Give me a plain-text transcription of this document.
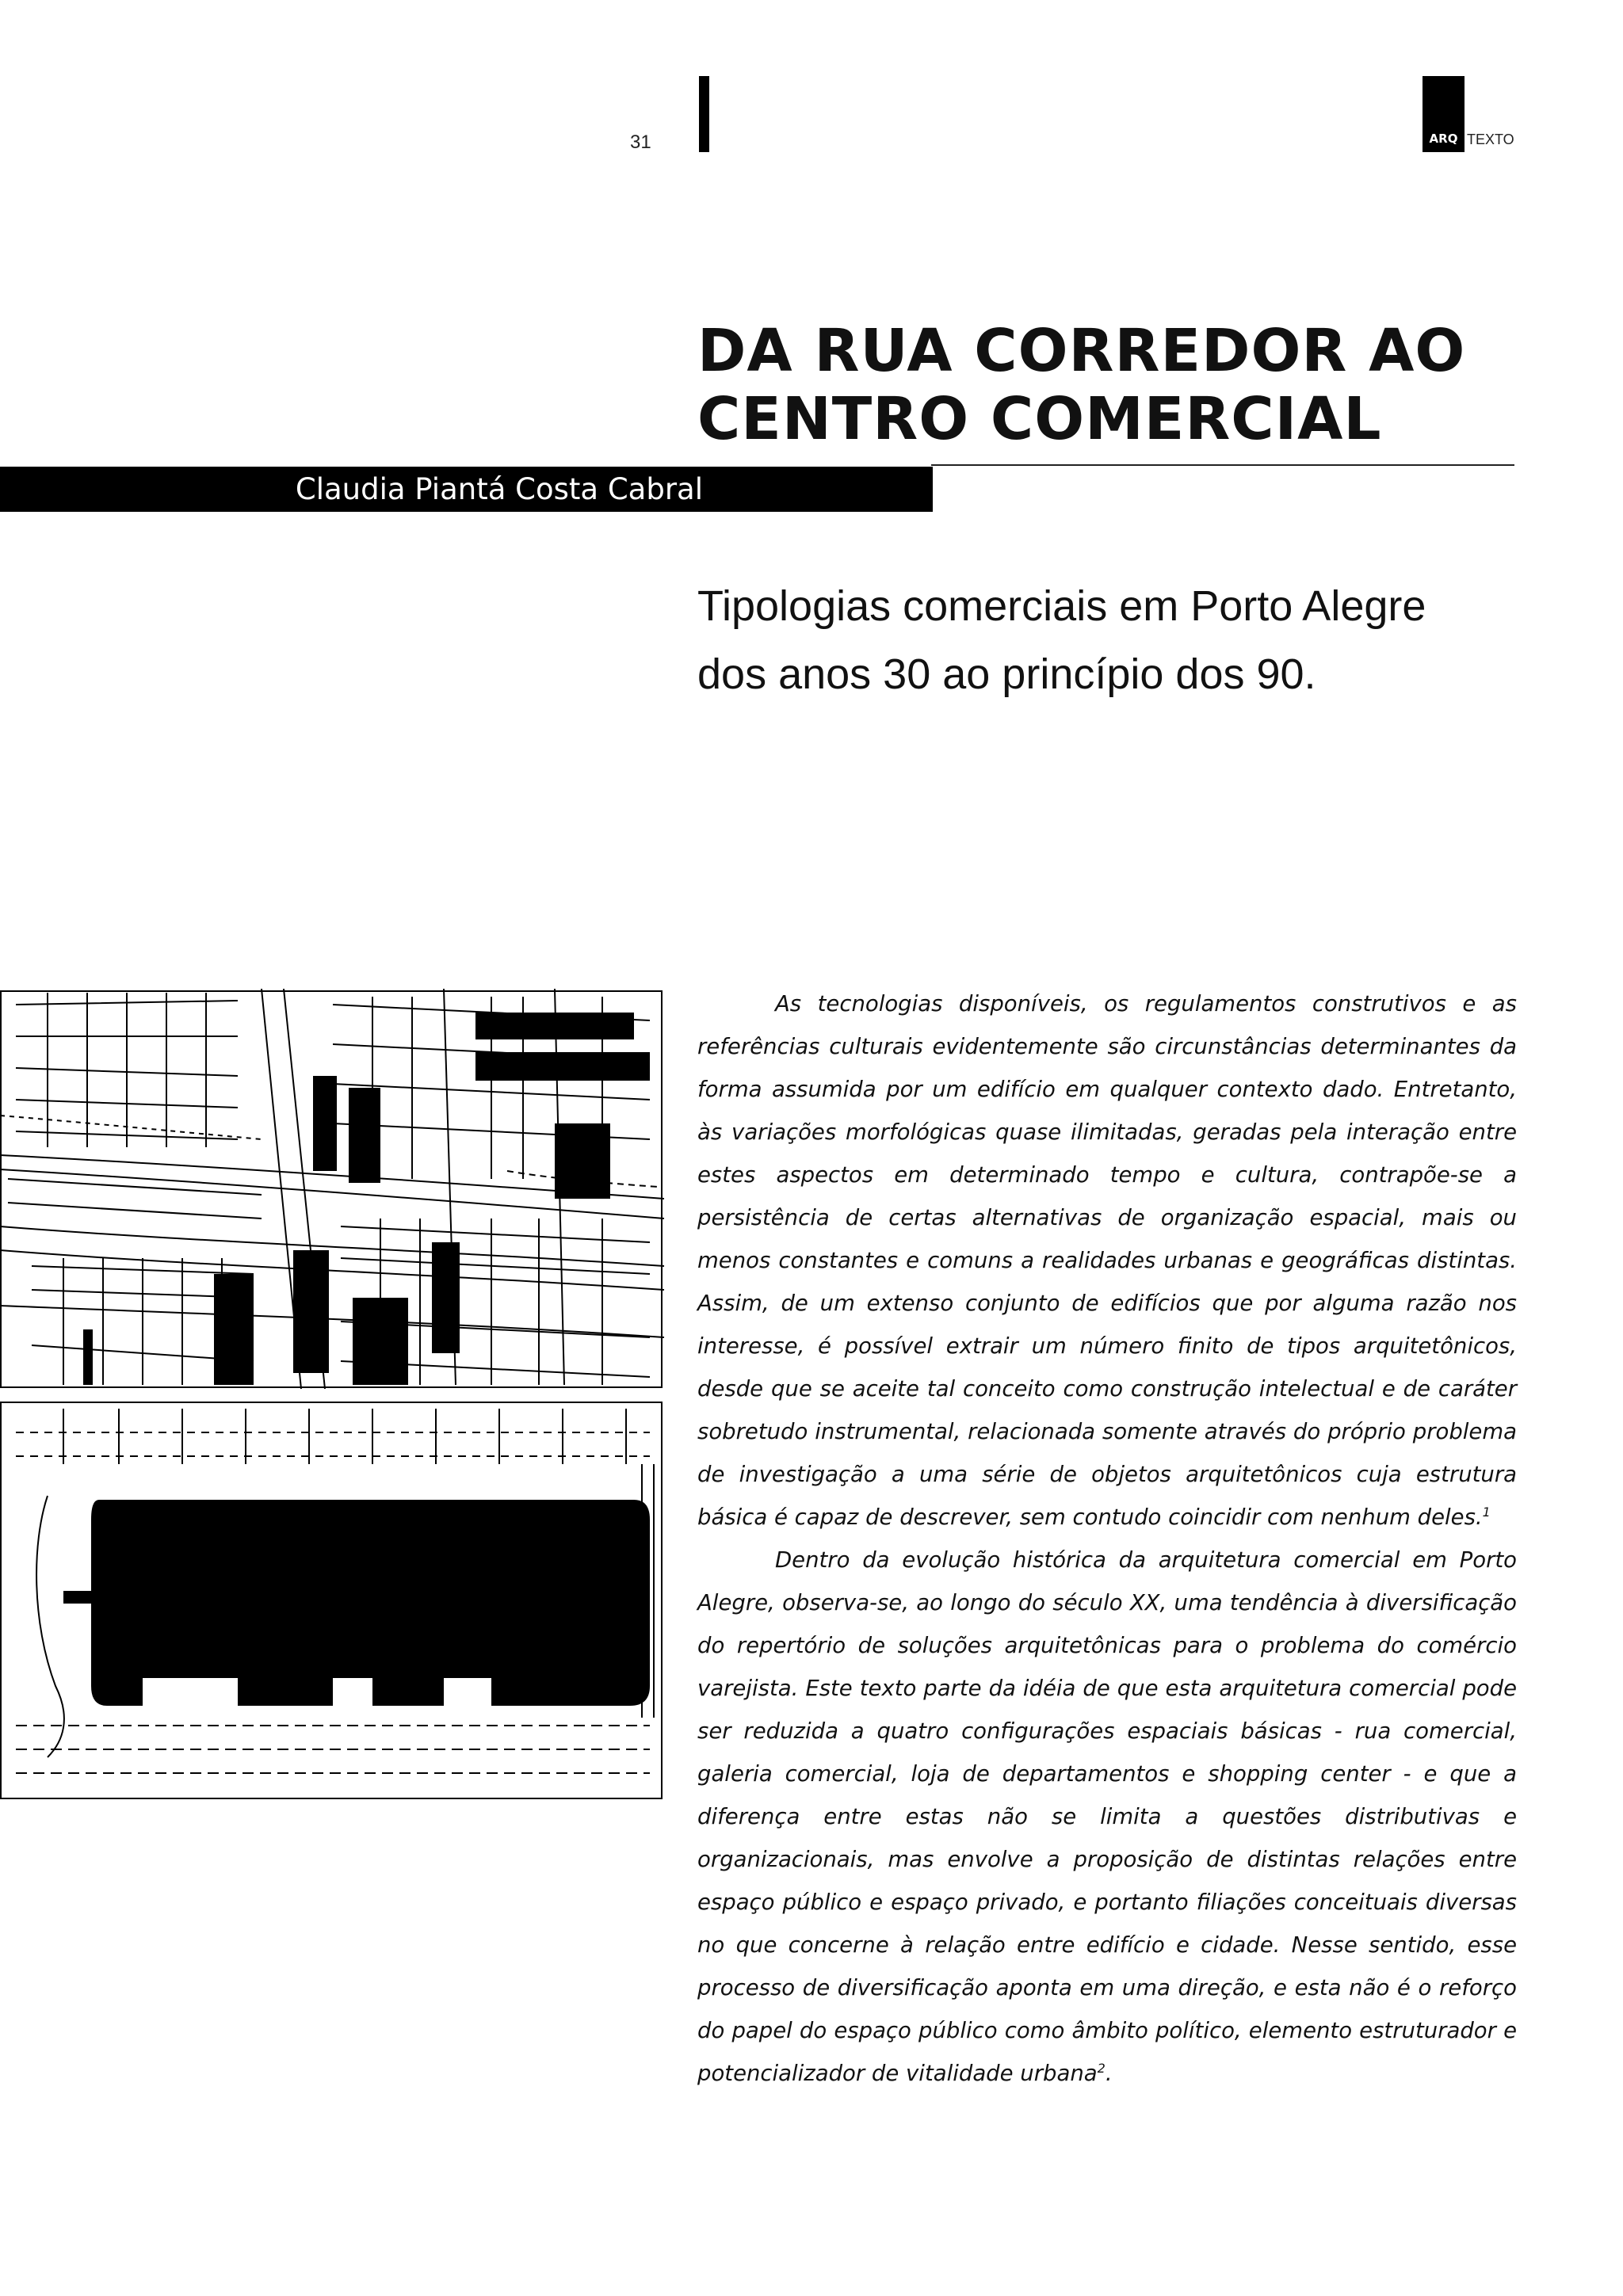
31	ARQ TEXTO
DA RUA CORREDOR AO CENTRO COMERCIAL
Claudia Piantá Costa Cabral
Tipologias comerciais em Porto Alegre
dos anos 30 ao princípio dos 90.

As tecnologias disponíveis, os regulamentos construtivos e as referências culturais evidentemente são circunstâncias determinantes da forma assumida por um edifício em qualquer contexto dado. Entretanto, às variações morfológicas quase ilimitadas, geradas pela interação entre estes aspectos em determinado tempo e cultura, contrapõe-se a persistência de certas alternativas de organização espacial, mais ou menos constantes e comuns a realidades urbanas e geográficas distintas. Assim, de um extenso conjunto de edifícios que por alguma razão nos interesse, é possível extrair um número finito de tipos arquitetônicos, desde que se aceite tal conceito como construção intelectual e de caráter sobretudo instrumental, relacionada somente através do próprio problema de investigação a uma série de objetos arquitetônicos cuja estrutura básica é capaz de descrever, sem contudo coincidir com nenhum deles.$^1$

Dentro da evolução histórica da arquitetura comercial em Porto Alegre, observa-se, ao longo do século XX, uma tendência à diversificação do repertório de soluções arquitetônicas para o problema do comércio varejista. Este texto parte da idéia de que esta arquitetura comercial pode ser reduzida a quatro configurações espaciais básicas - rua comercial, galeria comercial, loja de departamentos e shopping center - e que a diferença entre estas não se limita a questões distributivas e organizacionais, mas envolve a proposição de distintas relações entre espaço público e espaço privado, e portanto filiações conceituais diversas no que concerne à relação entre edifício e cidade. Nesse sentido, esse processo de diversificação aponta em uma direção, e esta não é o reforço do papel do espaço público como âmbito político, elemento estruturador e potencializador de vitalidade urbana$^2$.
